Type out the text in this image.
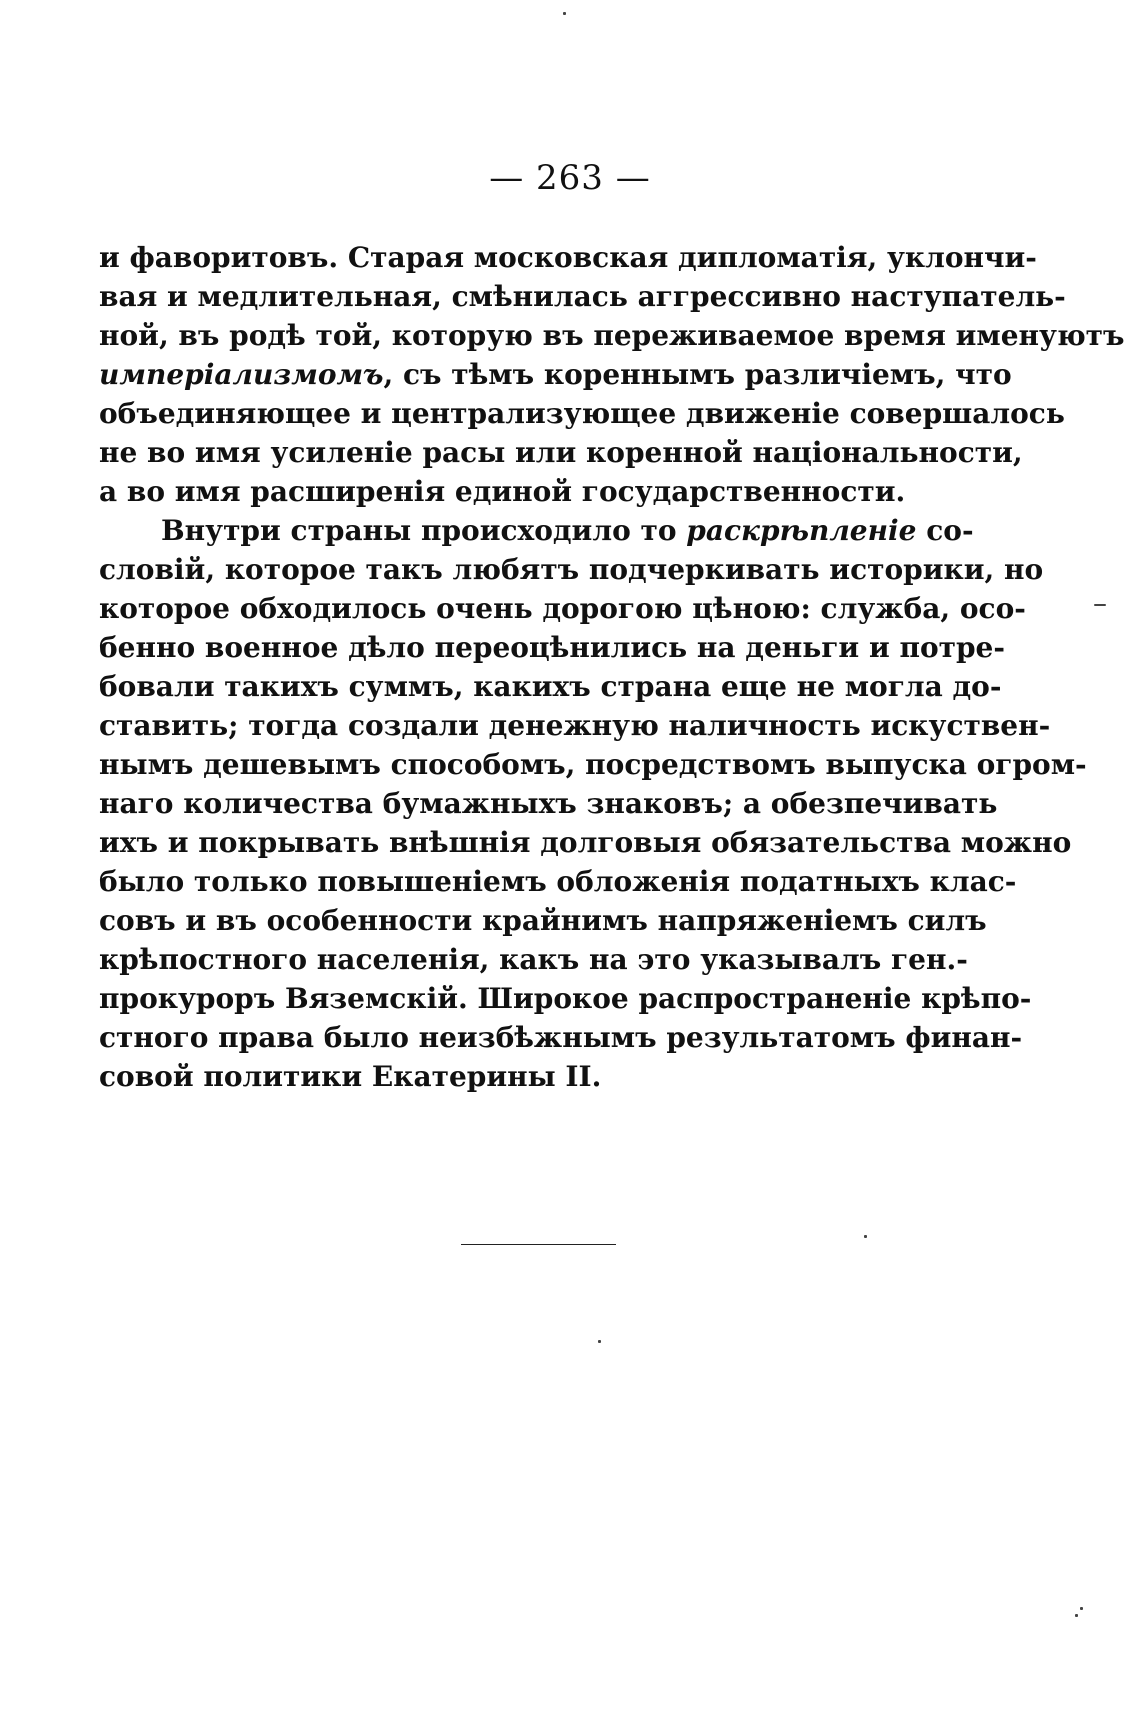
— 263 —
и фаворитовъ. Старая московская дипломатія, уклончи-
вая и медлительная, смѣнилась аггрессивно наступатель-
ной, въ родѣ той, которую въ переживаемое время именуютъ
имперіализмомъ, съ тѣмъ кореннымъ различіемъ, что
объединяющее и централизующее движеніе совершалось
не во имя усиленіе расы или коренной національности,
а во имя расширенія единой государственности.
Внутри страны происходило то раскрѣпленіе со-
словій, которое такъ любятъ подчеркивать историки, но
которое обходилось очень дорогою цѣною: служба, осо-
бенно военное дѣло переоцѣнились на деньги и потре-
бовали такихъ суммъ, какихъ страна еще не могла до-
ставить; тогда создали денежную наличность искуствен-
нымъ дешевымъ способомъ, посредствомъ выпуска огром-
наго количества бумажныхъ знаковъ; а обезпечивать
ихъ и покрывать внѣшнія долговыя обязательства можно
было только повышеніемъ обложенія податныхъ клас-
совъ и въ особенности крайнимъ напряженіемъ силъ
крѣпостного населенія, какъ на это указывалъ ген.-
прокуроръ Вяземскій. Широкое распространеніе крѣпо-
стного права было неизбѣжнымъ результатомъ финан-
совой политики Екатерины II.
